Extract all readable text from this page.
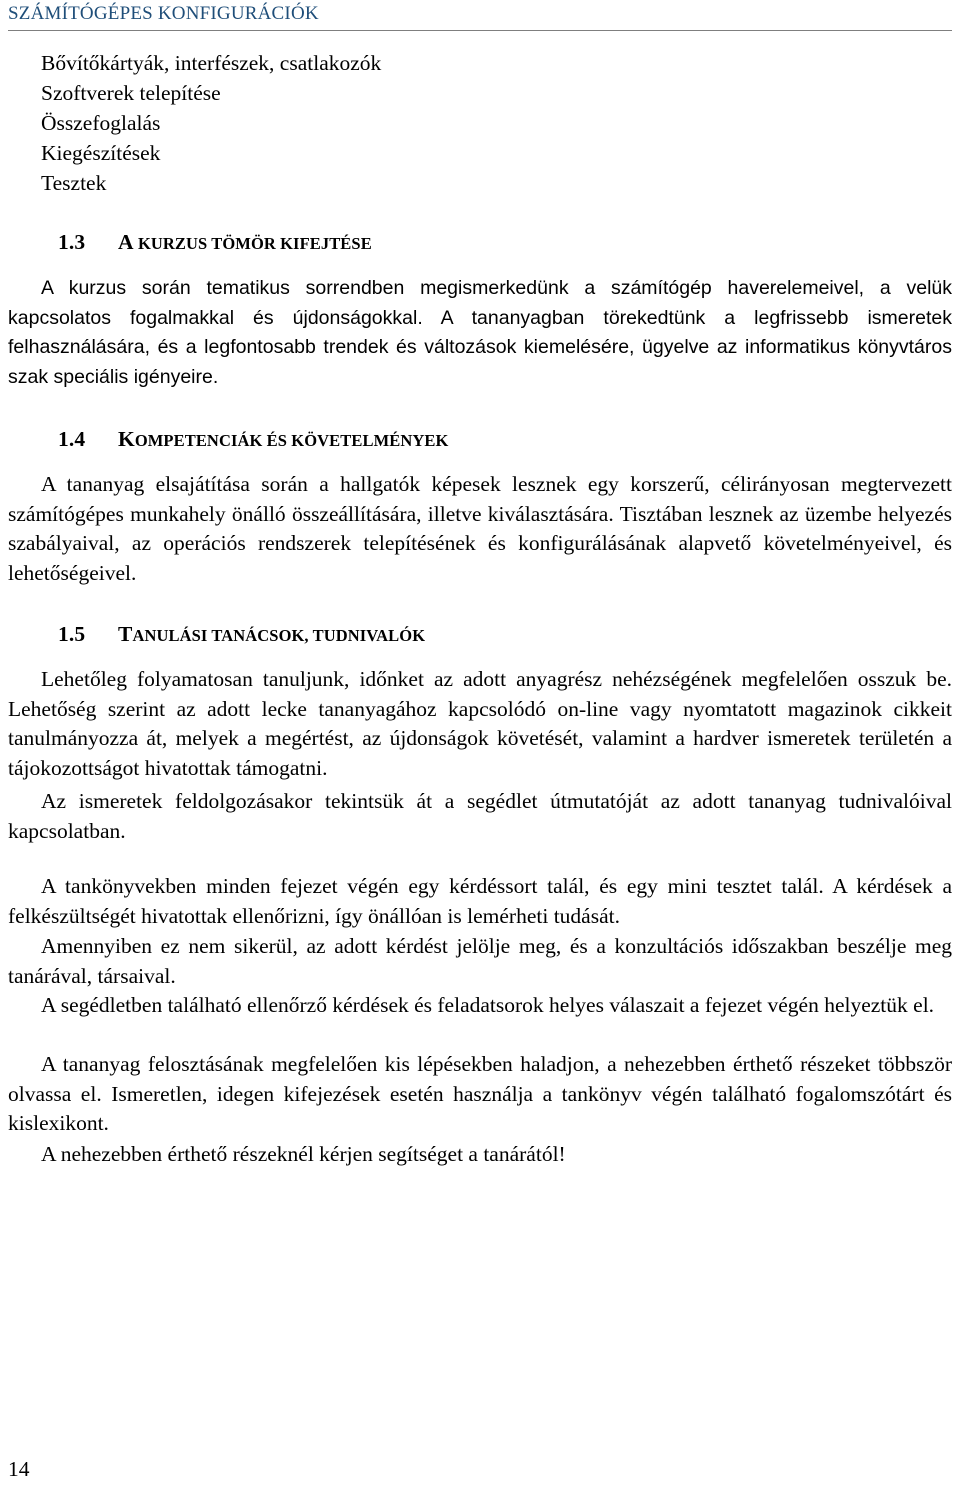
SZÁMÍTÓGÉPES KONFIGURÁCIÓK
Bővítőkártyák, interfészek, csatlakozók
Szoftverek telepítése
Összefoglalás
Kiegészítések
Tesztek
1.3 A KURZUS TÖMÖR KIFEJTÉSE
A kurzus során tematikus sorrendben megismerkedünk a számítógép haverelemeivel, a velük kapcsolatos fogalmakkal és újdonságokkal. A tananyagban törekedtünk a legfrissebb ismeretek felhasználására, és a legfontosabb trendek és változások kiemelésére, ügyelve az informatikus könyvtáros szak speciális igényeire.
1.4 KOMPETENCIÁK ÉS KÖVETELMÉNYEK
A tananyag elsajátítása során a hallgatók képesek lesznek egy korszerű, célirányosan megtervezett számítógépes munkahely önálló összeállítására, illetve kiválasztására. Tisztában lesznek az üzembe helyezés szabályaival, az operációs rendszerek telepítésének és konfigurálásának alapvető követelményeivel, és lehetőségeivel.
1.5 TANULÁSI TANÁCSOK, TUDNIVALÓK
Lehetőleg folyamatosan tanuljunk, időnket az adott anyagrész nehézségének megfelelően osszuk be. Lehetőség szerint az adott lecke tananyagához kapcsolódó on-line vagy nyomtatott magazinok cikkeit tanulmányozza át, melyek a megértést, az újdonságok követését, valamint a hardver ismeretek területén a tájokozottságot hivatottak támogatni.
Az ismeretek feldolgozásakor tekintsük át a segédlet útmutatóját az adott tananyag tudnivalóival kapcsolatban.
A tankönyvekben minden fejezet végén egy kérdéssort talál, és egy mini tesztet talál. A kérdések a felkészültségét hivatottak ellenőrizni, így önállóan is lemérheti tudását.
Amennyiben ez nem sikerül, az adott kérdést jelölje meg, és a konzultációs időszakban beszélje meg tanárával, társaival.
A segédletben található ellenőrző kérdések és feladatsorok helyes válaszait a fejezet végén helyeztük el.
A tananyag felosztásának megfelelően kis lépésekben haladjon, a nehezebben érthető részeket többször olvassa el. Ismeretlen, idegen kifejezések esetén használja a tankönyv végén található fogalomszótárt és kislexikont.
A nehezebben érthető részeknél kérjen segítséget a tanárától!
14
